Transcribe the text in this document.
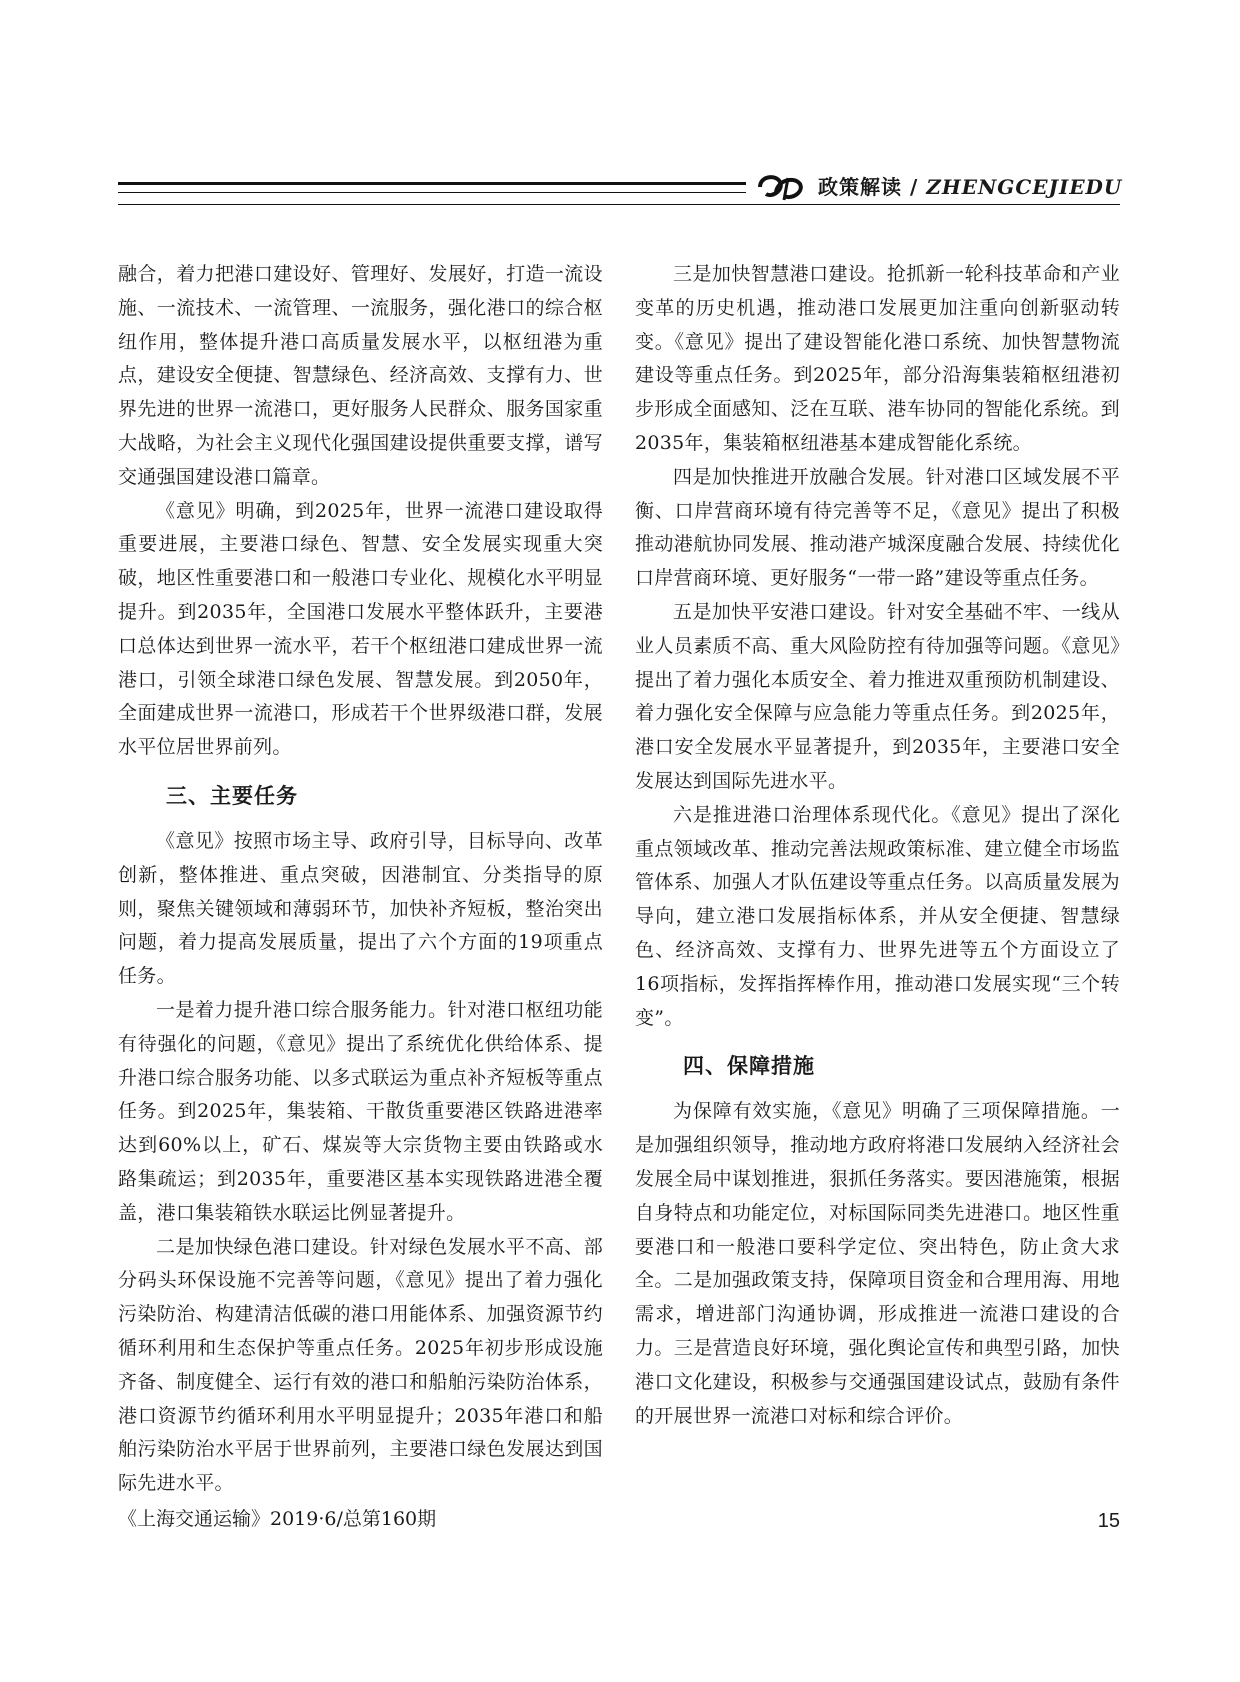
政策解读 / ZHENGCEJIEDU

融合，着力把港口建设好、管理好、发展好，打造一流设施、一流技术、一流管理、一流服务，强化港口的综合枢纽作用，整体提升港口高质量发展水平，以枢纽港为重点，建设安全便捷、智慧绿色、经济高效、支撑有力、世界先进的世界一流港口，更好服务人民群众、服务国家重大战略，为社会主义现代化强国建设提供重要支撑，谱写交通强国建设港口篇章。

《意见》明确，到2025年，世界一流港口建设取得重要进展，主要港口绿色、智慧、安全发展实现重大突破，地区性重要港口和一般港口专业化、规模化水平明显提升。到2035年，全国港口发展水平整体跃升，主要港口总体达到世界一流水平，若干个枢纽港口建成世界一流港口，引领全球港口绿色发展、智慧发展。到2050年，全面建成世界一流港口，形成若干个世界级港口群，发展水平位居世界前列。

三、主要任务

《意见》按照市场主导、政府引导，目标导向、改革创新，整体推进、重点突破，因港制宜、分类指导的原则，聚焦关键领域和薄弱环节，加快补齐短板，整治突出问题，着力提高发展质量，提出了六个方面的19项重点任务。

一是着力提升港口综合服务能力。针对港口枢纽功能有待强化的问题，《意见》提出了系统优化供给体系、提升港口综合服务功能、以多式联运为重点补齐短板等重点任务。到2025年，集装箱、干散货重要港区铁路进港率达到60%以上，矿石、煤炭等大宗货物主要由铁路或水路集疏运；到2035年，重要港区基本实现铁路进港全覆盖，港口集装箱铁水联运比例显著提升。

二是加快绿色港口建设。针对绿色发展水平不高、部分码头环保设施不完善等问题，《意见》提出了着力强化污染防治、构建清洁低碳的港口用能体系、加强资源节约循环利用和生态保护等重点任务。2025年初步形成设施齐备、制度健全、运行有效的港口和船舶污染防治体系，港口资源节约循环利用水平明显提升；2035年港口和船舶污染防治水平居于世界前列，主要港口绿色发展达到国际先进水平。

三是加快智慧港口建设。抢抓新一轮科技革命和产业变革的历史机遇，推动港口发展更加注重向创新驱动转变。《意见》提出了建设智能化港口系统、加快智慧物流建设等重点任务。到2025年，部分沿海集装箱枢纽港初步形成全面感知、泛在互联、港车协同的智能化系统。到2035年，集装箱枢纽港基本建成智能化系统。

四是加快推进开放融合发展。针对港口区域发展不平衡、口岸营商环境有待完善等不足，《意见》提出了积极推动港航协同发展、推动港产城深度融合发展、持续优化口岸营商环境、更好服务“一带一路”建设等重点任务。

五是加快平安港口建设。针对安全基础不牢、一线从业人员素质不高、重大风险防控有待加强等问题。《意见》提出了着力强化本质安全、着力推进双重预防机制建设、着力强化安全保障与应急能力等重点任务。到2025年，港口安全发展水平显著提升，到2035年，主要港口安全发展达到国际先进水平。

六是推进港口治理体系现代化。《意见》提出了深化重点领域改革、推动完善法规政策标准、建立健全市场监管体系、加强人才队伍建设等重点任务。以高质量发展为导向，建立港口发展指标体系，并从安全便捷、智慧绿色、经济高效、支撑有力、世界先进等五个方面设立了16项指标，发挥指挥棒作用，推动港口发展实现“三个转变”。

四、保障措施

为保障有效实施，《意见》明确了三项保障措施。一是加强组织领导，推动地方政府将港口发展纳入经济社会发展全局中谋划推进，狠抓任务落实。要因港施策，根据自身特点和功能定位，对标国际同类先进港口。地区性重要港口和一般港口要科学定位、突出特色，防止贪大求全。二是加强政策支持，保障项目资金和合理用海、用地需求，增进部门沟通协调，形成推进一流港口建设的合力。三是营造良好环境，强化舆论宣传和典型引路，加快港口文化建设，积极参与交通强国建设试点，鼓励有条件的开展世界一流港口对标和综合评价。

《上海交通运输》2019·6/总第160期	15
